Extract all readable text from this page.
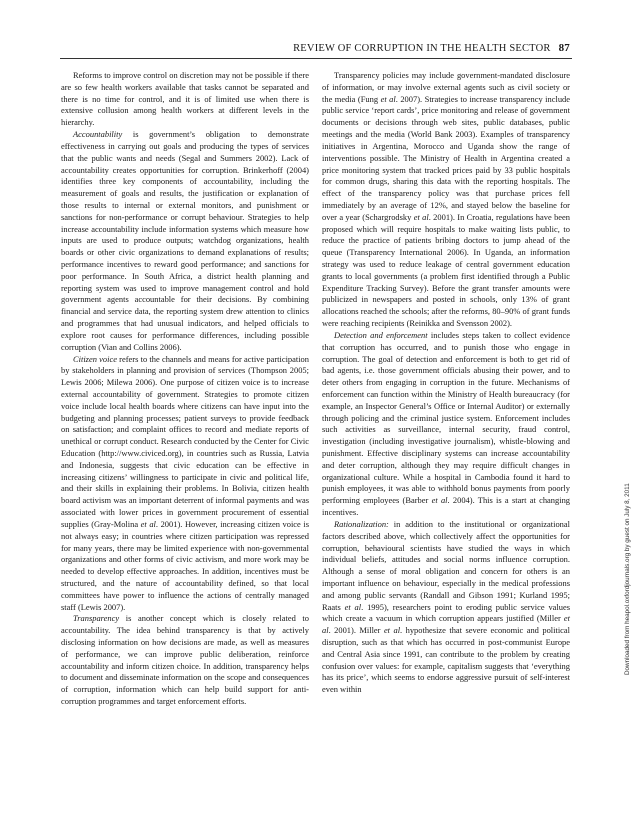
REVIEW OF CORRUPTION IN THE HEALTH SECTOR 87

Reforms to improve control on discretion may not be possible if there are so few health workers available that tasks cannot be separated and there is no time for control, and it is of limited use when there is extensive collusion among health workers at different levels in the hierarchy.

Accountability is government’s obligation to demonstrate effectiveness in carrying out goals and producing the types of services that the public wants and needs (Segal and Summers 2002). Lack of accountability creates opportunities for corruption. Brinkerhoff (2004) identifies three key components of accountability, including the measurement of goals and results, the justification or explanation of those results to internal or external monitors, and punishment or sanctions for non-performance or corrupt behaviour. Strategies to help increase accountability include information systems which measure how inputs are used to produce outputs; watchdog organizations, health boards or other civic organizations to demand explanations of results; performance incentives to reward good performance; and sanctions for poor performance. In South Africa, a district health planning and reporting system was used to improve management control and hold government agents accountable for their decisions. By combining financial and service data, the reporting system drew attention to clinics and programmes that had unusual indicators, and helped officials to explore root causes for performance differences, including possible corruption (Vian and Collins 2006).

Citizen voice refers to the channels and means for active participation by stakeholders in planning and provision of services (Thompson 2005; Lewis 2006; Milewa 2006). One purpose of citizen voice is to increase external accountability of government. Strategies to promote citizen voice include local health boards where citizens can have input into the budgeting and planning processes; patient surveys to provide feedback on satisfaction; and complaint offices to record and mediate reports of unethical or corrupt conduct. Research conducted by the Center for Civic Education (http://www.civiced.org), in countries such as Russia, Latvia and Indonesia, suggests that civic education can be effective in increasing citizens’ willingness to participate in civic and political life, and their skills in explaining their problems. In Bolivia, citizen health board activism was an important deterrent of informal payments and was associated with lower prices in government procurement of essential supplies (Gray-Molina et al. 2001). However, increasing citizen voice is not always easy; in countries where citizen participation was repressed for many years, there may be limited experience with non-governmental organizations and other forms of civic activism, and more work may be needed to develop effective approaches. In addition, incentives must be structured, and the nature of accountability defined, so that local committees have power to influence the actions of centrally managed staff (Lewis 2007).

Transparency is another concept which is closely related to accountability. The idea behind transparency is that by actively disclosing information on how decisions are made, as well as measures of performance, we can improve public deliberation, reinforce accountability and inform citizen choice. In addition, transparency helps to document and disseminate information on the scope and consequences of corruption, information which can help build support for anti-corruption programmes and target enforcement efforts.

Transparency policies may include government-mandated disclosure of information, or may involve external agents such as civil society or the media (Fung et al. 2007). Strategies to increase transparency include public service ‘report cards’, price monitoring and release of government documents or decisions through web sites, public databases, public meetings and the media (World Bank 2003). Examples of transparency initiatives in Argentina, Morocco and Uganda show the range of interventions possible. The Ministry of Health in Argentina created a price monitoring system that tracked prices paid by 33 public hospitals for common drugs, sharing this data with the reporting hospitals. The effect of the transparency policy was that purchase prices fell immediately by an average of 12%, and stayed below the baseline for over a year (Schargrodsky et al. 2001). In Croatia, regulations have been proposed which will require hospitals to make waiting lists public, to reduce the practice of patients bribing doctors to jump ahead of the queue (Transparency International 2006). In Uganda, an information strategy was used to reduce leakage of central government education grants to local governments (a problem first identified through a Public Expenditure Tracking Survey). Before the grant transfer amounts were publicized in newspapers and posted in schools, only 13% of grant allocations reached the schools; after the reforms, 80–90% of grant funds were reaching recipients (Reinikka and Svensson 2002).

Detection and enforcement includes steps taken to collect evidence that corruption has occurred, and to punish those who engage in corruption. The goal of detection and enforcement is both to get rid of bad agents, i.e. those government officials abusing their power, and to deter others from engaging in corruption in the future. Mechanisms of enforcement can function within the Ministry of Health bureaucracy (for example, an Inspector General’s Office or Internal Auditor) or externally through policing and the criminal justice system. Enforcement includes such activities as surveillance, internal security, fraud control, investigation (including investigative journalism), whistle-blowing and punishment. Effective disciplinary systems can increase accountability and deter corruption, although they may require difficult changes in organizational culture. While a hospital in Cambodia found it hard to punish employees, it was able to withhold bonus payments from poorly performing employees (Barber et al. 2004). This is a start at changing incentives.

Rationalization: in addition to the institutional or organizational factors described above, which collectively affect the opportunities for corruption, behavioural scientists have studied the ways in which individual beliefs, attitudes and social norms influence corruption. Although a sense of moral obligation and concern for others is an important influence on behaviour, especially in the medical professions and among public servants (Randall and Gibson 1991; Kurland 1995; Raats et al. 1995), researchers point to eroding public service values which create a vacuum in which corruption appears justified (Miller et al. 2001). Miller et al. hypothesize that severe economic and political disruption, such as that which has occurred in post-communist Europe and Central Asia since 1991, can contribute to the problem by creating confusion over values: for example, capitalism suggests that ‘everything has its price’, which seems to endorse aggressive pursuit of self-interest even within

Downloaded from heapol.oxfordjournals.org by guest on July 8, 2011
